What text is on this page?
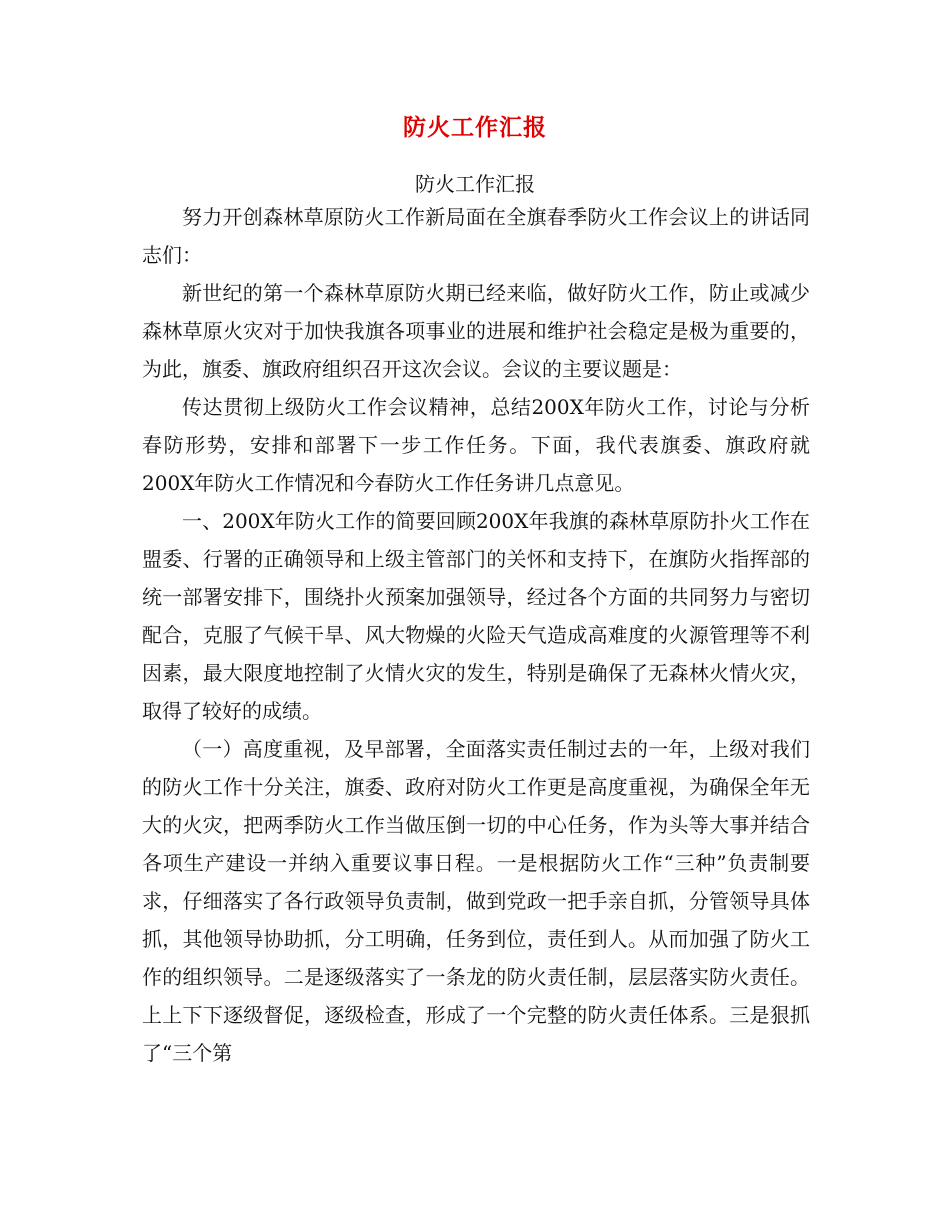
防火工作汇报
防火工作汇报

努力开创森林草原防火工作新局面在全旗春季防火工作会议上的讲话同志们：

新世纪的第一个森林草原防火期已经来临，做好防火工作，防止或减少森林草原火灾对于加快我旗各项事业的进展和维护社会稳定是极为重要的，为此，旗委、旗政府组织召开这次会议。会议的主要议题是：

传达贯彻上级防火工作会议精神，总结200X年防火工作，讨论与分析春防形势，安排和部署下一步工作任务。下面，我代表旗委、旗政府就200X年防火工作情况和今春防火工作任务讲几点意见。

一、200X年防火工作的简要回顾200X年我旗的森林草原防扑火工作在盟委、行署的正确领导和上级主管部门的关怀和支持下，在旗防火指挥部的统一部署安排下，围绕扑火预案加强领导，经过各个方面的共同努力与密切配合，克服了气候干旱、风大物燥的火险天气造成高难度的火源管理等不利因素，最大限度地控制了火情火灾的发生，特别是确保了无森林火情火灾，取得了较好的成绩。

（一）高度重视，及早部署，全面落实责任制过去的一年，上级对我们的防火工作十分关注，旗委、政府对防火工作更是高度重视，为确保全年无大的火灾，把两季防火工作当做压倒一切的中心任务，作为头等大事并结合各项生产建设一并纳入重要议事日程。一是根据防火工作“三种”负责制要求，仔细落实了各行政领导负责制，做到党政一把手亲自抓，分管领导具体抓，其他领导协助抓，分工明确，任务到位，责任到人。从而加强了防火工作的组织领导。二是逐级落实了一条龙的防火责任制，层层落实防火责任。上上下下逐级督促，逐级检查，形成了一个完整的防火责任体系。三是狠抓了“三个第
